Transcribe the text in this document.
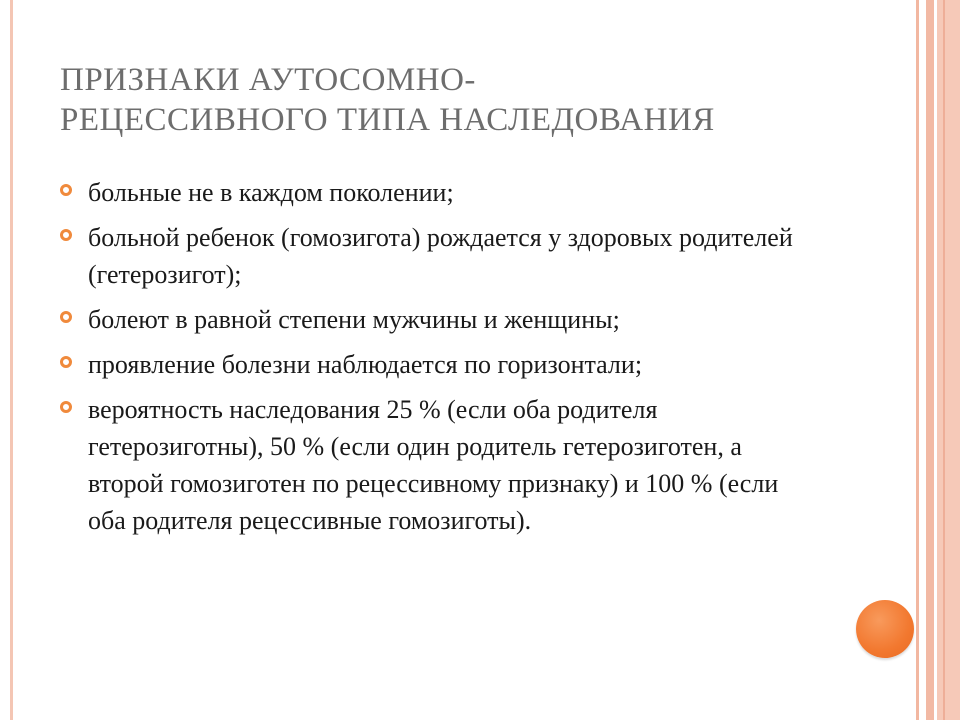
ПРИЗНАКИ АУТОСОМНО-
РЕЦЕССИВНОГО ТИПА НАСЛЕДОВАНИЯ
больные не в каждом поколении;
больной ребенок (гомозигота) рождается у здоровых родителей (гетерозигот);
болеют в равной степени мужчины и женщины;
проявление болезни наблюдается по горизонтали;
вероятность наследования 25 % (если оба родителя гетерозиготны), 50 % (если один родитель гетерозиготен, а второй гомозиготен по рецессивному признаку) и 100 % (если оба родителя рецессивные гомозиготы).
